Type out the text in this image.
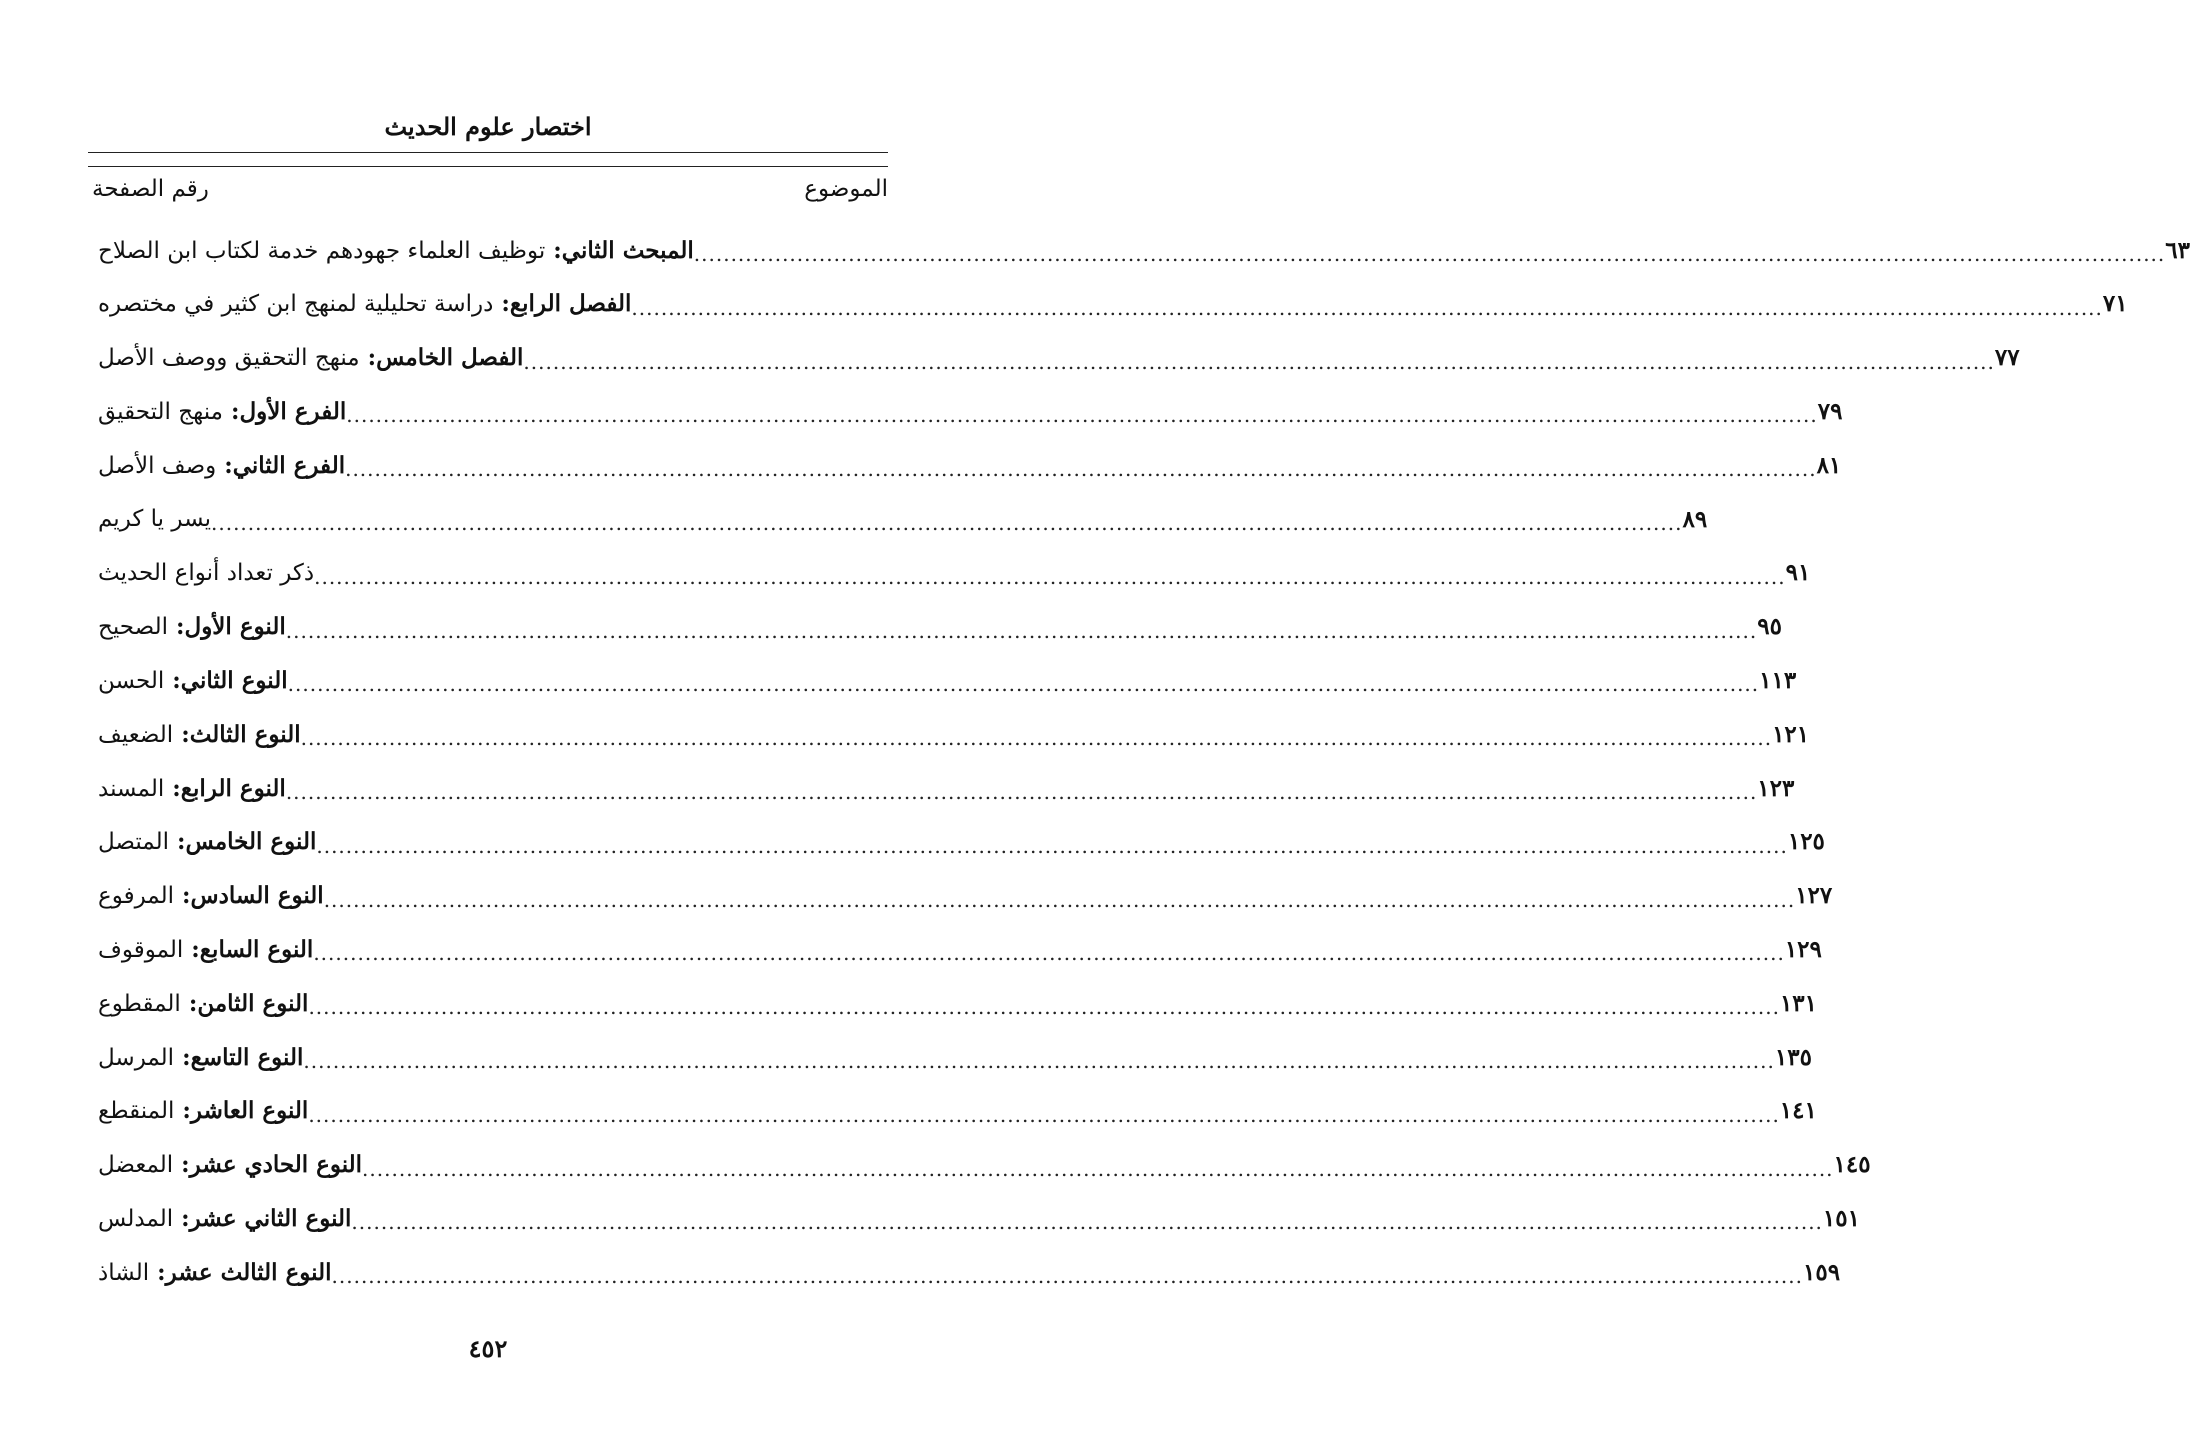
اختصار علوم الحديث
الموضوع
رقم الصفحة
المبحث الثاني: توظيف العلماء جهودهم خدمة لكتاب ابن الصلاح	........................................................................................................................................................................................................ ٦٣
الفصل الرابع: دراسة تحليلية لمنهج ابن كثير في مختصره	........................................................................................................................................................................................................ ٧١
الفصل الخامس: منهج التحقيق ووصف الأصل	........................................................................................................................................................................................................ ٧٧
الفرع الأول: منهج التحقيق	........................................................................................................................................................................................................ ٧٩
الفرع الثاني: وصف الأصل	........................................................................................................................................................................................................ ٨١
يسر يا كريم ........................................................................................................................................................................................................ ٨٩
ذكر تعداد أنواع الحديث ........................................................................................................................................................................................................ ٩١
النوع الأول: الصحيح	........................................................................................................................................................................................................ ٩٥
النوع الثاني: الحسن	........................................................................................................................................................................................................ ١١٣
النوع الثالث: الضعيف	........................................................................................................................................................................................................ ١٢١
النوع الرابع: المسند	........................................................................................................................................................................................................ ١٢٣
النوع الخامس: المتصل	........................................................................................................................................................................................................ ١٢٥
النوع السادس: المرفوع	........................................................................................................................................................................................................ ١٢٧
النوع السابع: الموقوف	........................................................................................................................................................................................................ ١٢٩
النوع الثامن: المقطوع	........................................................................................................................................................................................................ ١٣١
النوع التاسع: المرسل	........................................................................................................................................................................................................ ١٣٥
النوع العاشر: المنقطع	........................................................................................................................................................................................................ ١٤١
النوع الحادي عشر: المعضل	........................................................................................................................................................................................................ ١٤٥
النوع الثاني عشر: المدلس	........................................................................................................................................................................................................ ١٥١
النوع الثالث عشر: الشاذ	........................................................................................................................................................................................................ ١٥٩
٤٥٢
